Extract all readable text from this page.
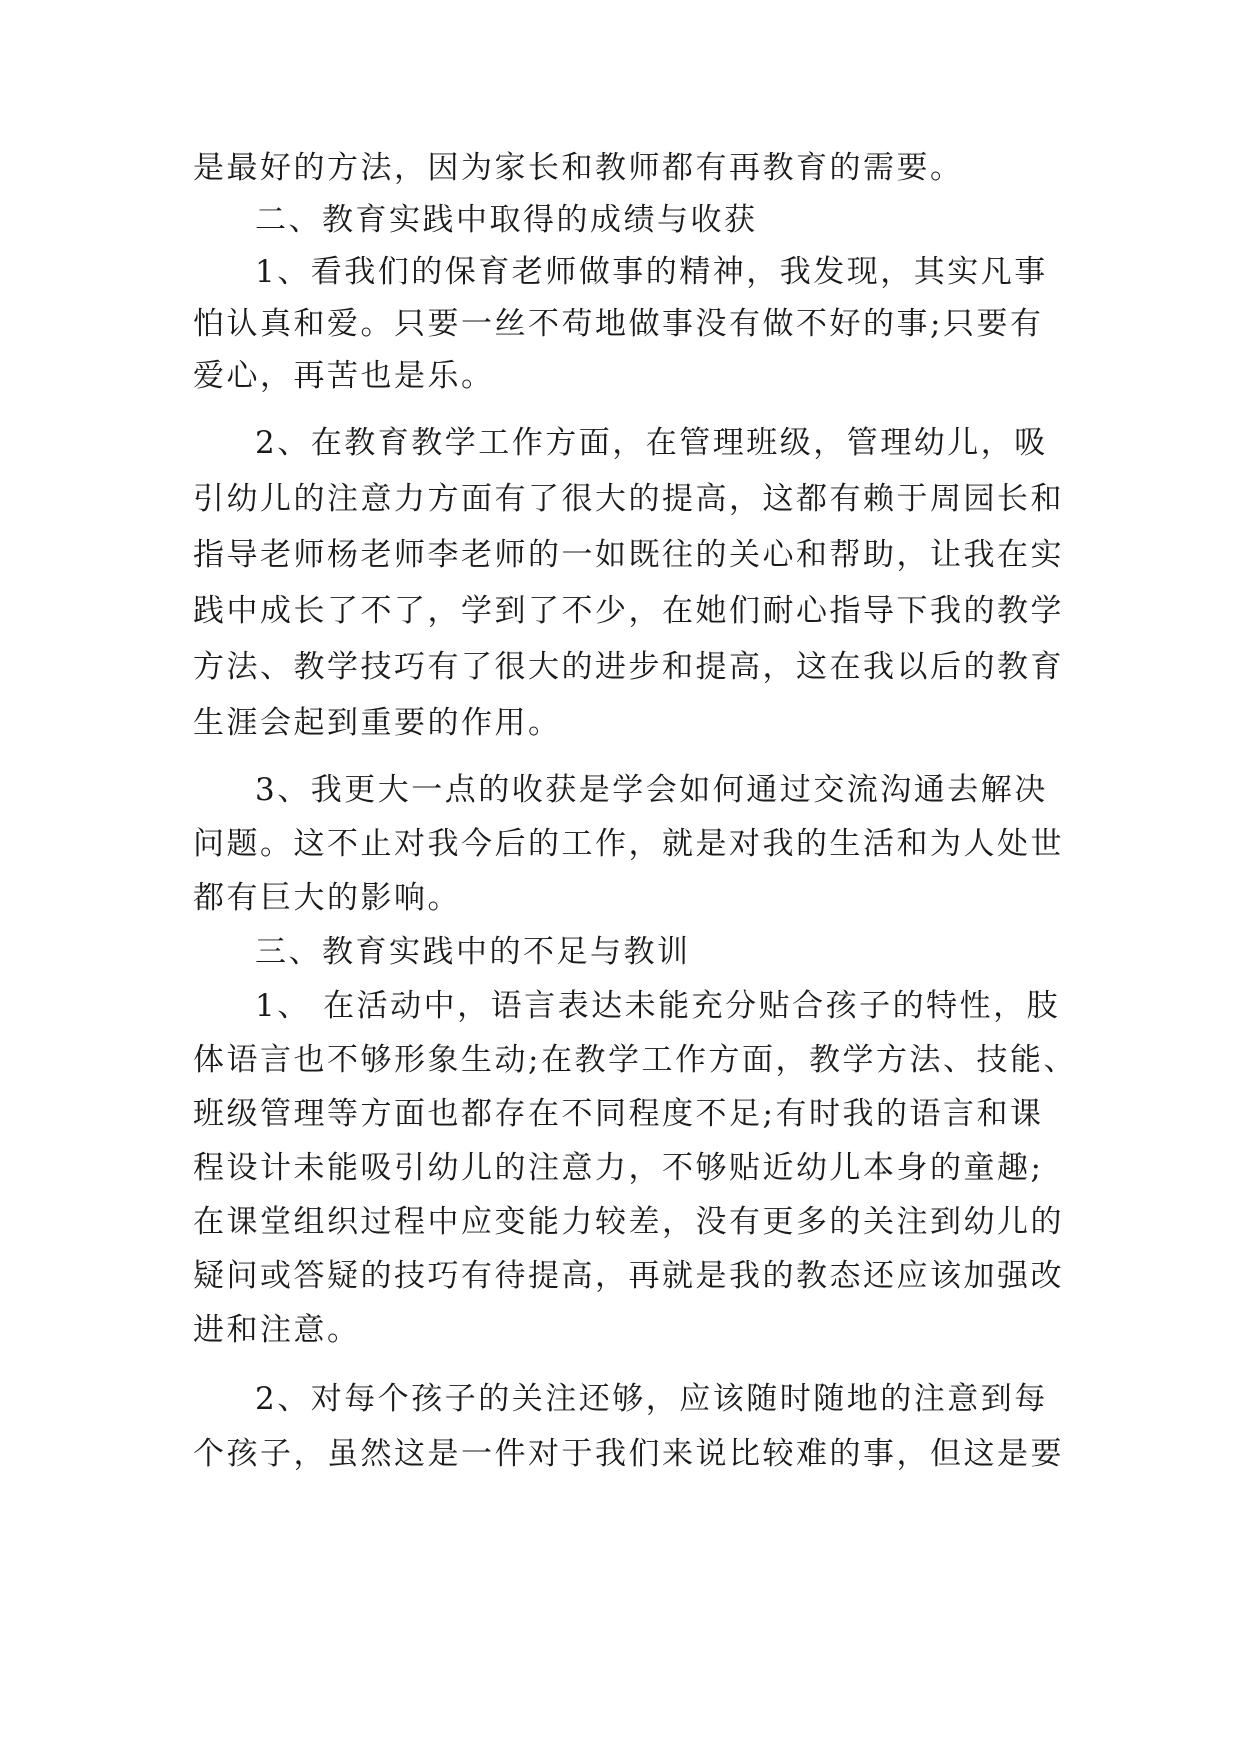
是最好的方法，因为家长和教师都有再教育的需要。
二、教育实践中取得的成绩与收获
1、看我们的保育老师做事的精神，我发现，其实凡事
怕认真和爱。只要一丝不苟地做事没有做不好的事;只要有
爱心，再苦也是乐。
2、在教育教学工作方面，在管理班级，管理幼儿，吸
引幼儿的注意力方面有了很大的提高，这都有赖于周园长和
指导老师杨老师李老师的一如既往的关心和帮助，让我在实
践中成长了不了，学到了不少，在她们耐心指导下我的教学
方法、教学技巧有了很大的进步和提高，这在我以后的教育
生涯会起到重要的作用。
3、我更大一点的收获是学会如何通过交流沟通去解决
问题。这不止对我今后的工作，就是对我的生活和为人处世
都有巨大的影响。
三、教育实践中的不足与教训
1、 在活动中，语言表达未能充分贴合孩子的特性，肢
体语言也不够形象生动;在教学工作方面，教学方法、技能、
班级管理等方面也都存在不同程度不足;有时我的语言和课
程设计未能吸引幼儿的注意力，不够贴近幼儿本身的童趣;
在课堂组织过程中应变能力较差，没有更多的关注到幼儿的
疑问或答疑的技巧有待提高，再就是我的教态还应该加强改
进和注意。
2、对每个孩子的关注还够，应该随时随地的注意到每
个孩子，虽然这是一件对于我们来说比较难的事，但这是要
